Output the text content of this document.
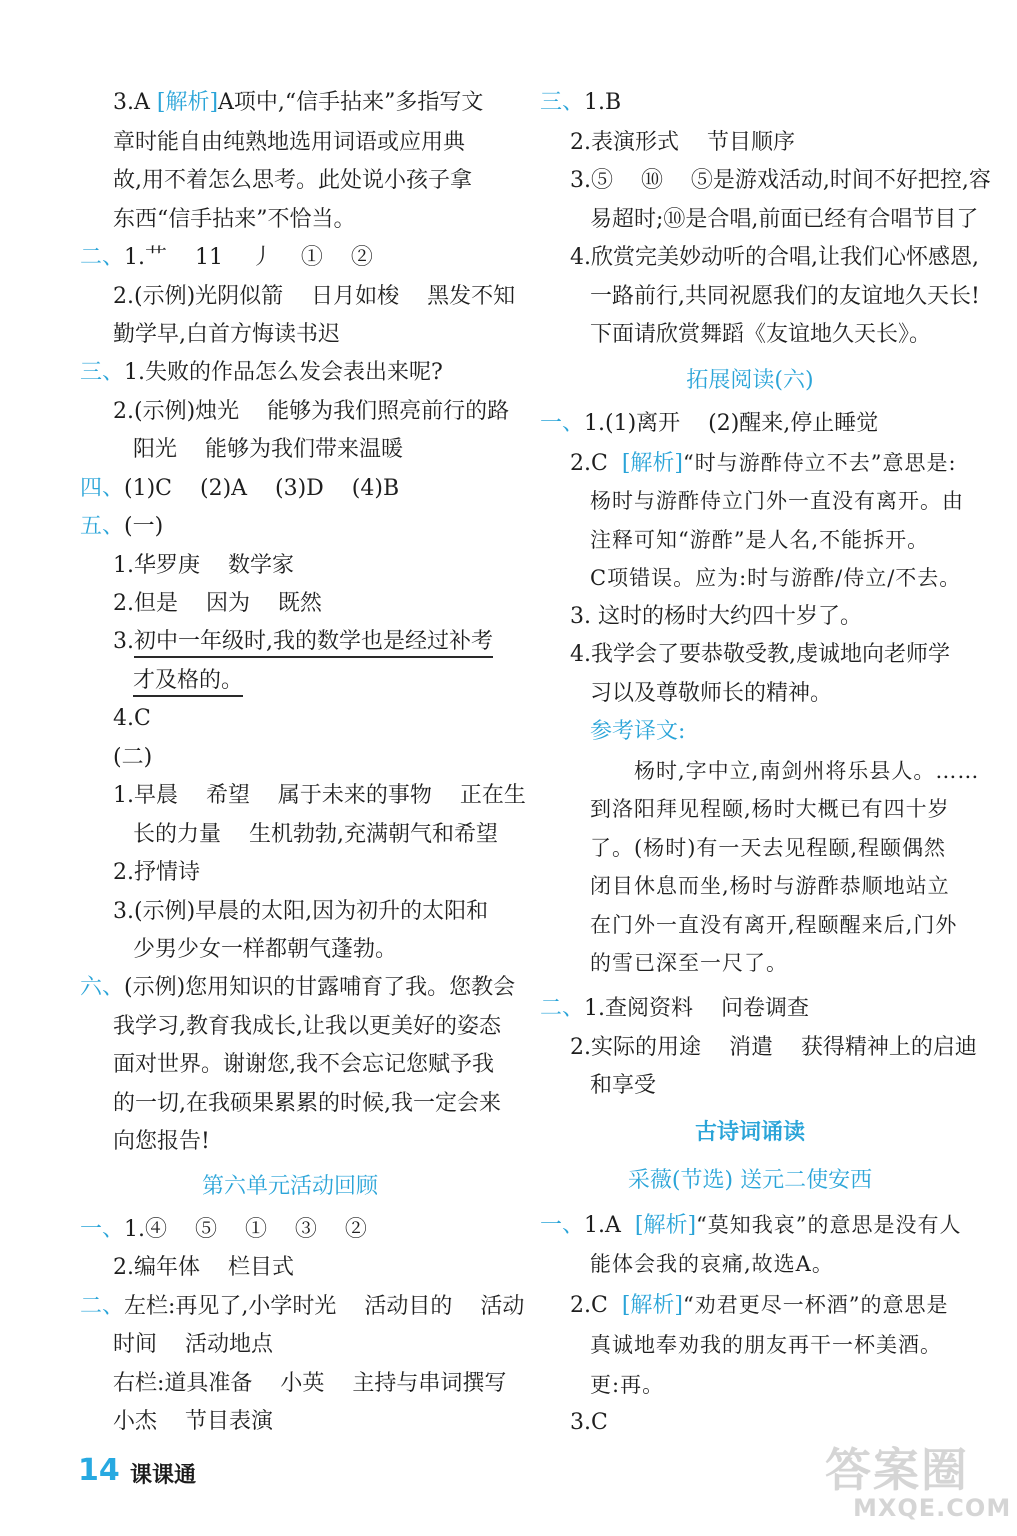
3.A [解析]A项中,“信手拈来”多指写文
章时能自由纯熟地选用词语或应用典
故,用不着怎么思考。此处说小孩子拿
东西“信手拈来”不恰当。
二、1.艹    11    丿    ①    ②
2.(示例)光阴似箭    日月如梭    黑发不知
勤学早,白首方悔读书迟
三、1.失败的作品怎么发会表出来呢?
2.(示例)烛光    能够为我们照亮前行的路
阳光    能够为我们带来温暖
四、(1)C    (2)A    (3)D    (4)B
五、(一)
1.华罗庚    数学家
2.但是    因为    既然
3.初中一年级时,我的数学也是经过补考
才及格的。
4.C
(二)
1.早晨    希望    属于未来的事物    正在生
长的力量    生机勃勃,充满朝气和希望
2.抒情诗
3.(示例)早晨的太阳,因为初升的太阳和
少男少女一样都朝气蓬勃。
六、(示例)您用知识的甘露哺育了我。您教会
我学习,教育我成长,让我以更美好的姿态
面对世界。谢谢您,我不会忘记您赋予我
的一切,在我硕果累累的时候,我一定会来
向您报告!
一、1.④    ⑤    ①    ③    ②
2.编年体    栏目式
二、左栏:再见了,小学时光    活动目的    活动
时间    活动地点
右栏:道具准备    小英    主持与串词撰写
小杰    节目表演
三、1.B
2.表演形式    节目顺序
3.⑤    ⑩    ⑤是游戏活动,时间不好把控,容
易超时;⑩是合唱,前面已经有合唱节目了
4.欣赏完美妙动听的合唱,让我们心怀感恩,
一路前行,共同祝愿我们的友谊地久天长!
下面请欣赏舞蹈《友谊地久天长》。
一、1.(1)离开    (2)醒来,停止睡觉
2.C  [解析]“时与游酢侍立不去”意思是:
杨时与游酢侍立门外一直没有离开。由
注释可知“游酢”是人名,不能拆开。
C项错误。应为:时与游酢/侍立/不去。
3. 这时的杨时大约四十岁了。
4.我学会了要恭敬受教,虔诚地向老师学
习以及尊敬师长的精神。
参考译文:
杨时,字中立,南剑州将乐县人。……
到洛阳拜见程颐,杨时大概已有四十岁
了。(杨时)有一天去见程颐,程颐偶然
闭目休息而坐,杨时与游酢恭顺地站立
在门外一直没有离开,程颐醒来后,门外
的雪已深至一尺了。
二、1.查阅资料    问卷调查
2.实际的用途    消遣    获得精神上的启迪
和享受
一、1.A  [解析]“莫知我哀”的意思是没有人
能体会我的哀痛,故选A。
2.C  [解析]“劝君更尽一杯酒”的意思是
真诚地奉劝我的朋友再干一杯美酒。
更:再。
3.C
第六单元活动回顾
拓展阅读(六)
古诗词诵读
采薇(节选) 送元二使安西
14 课课通	答案圈
MXQE.COM
